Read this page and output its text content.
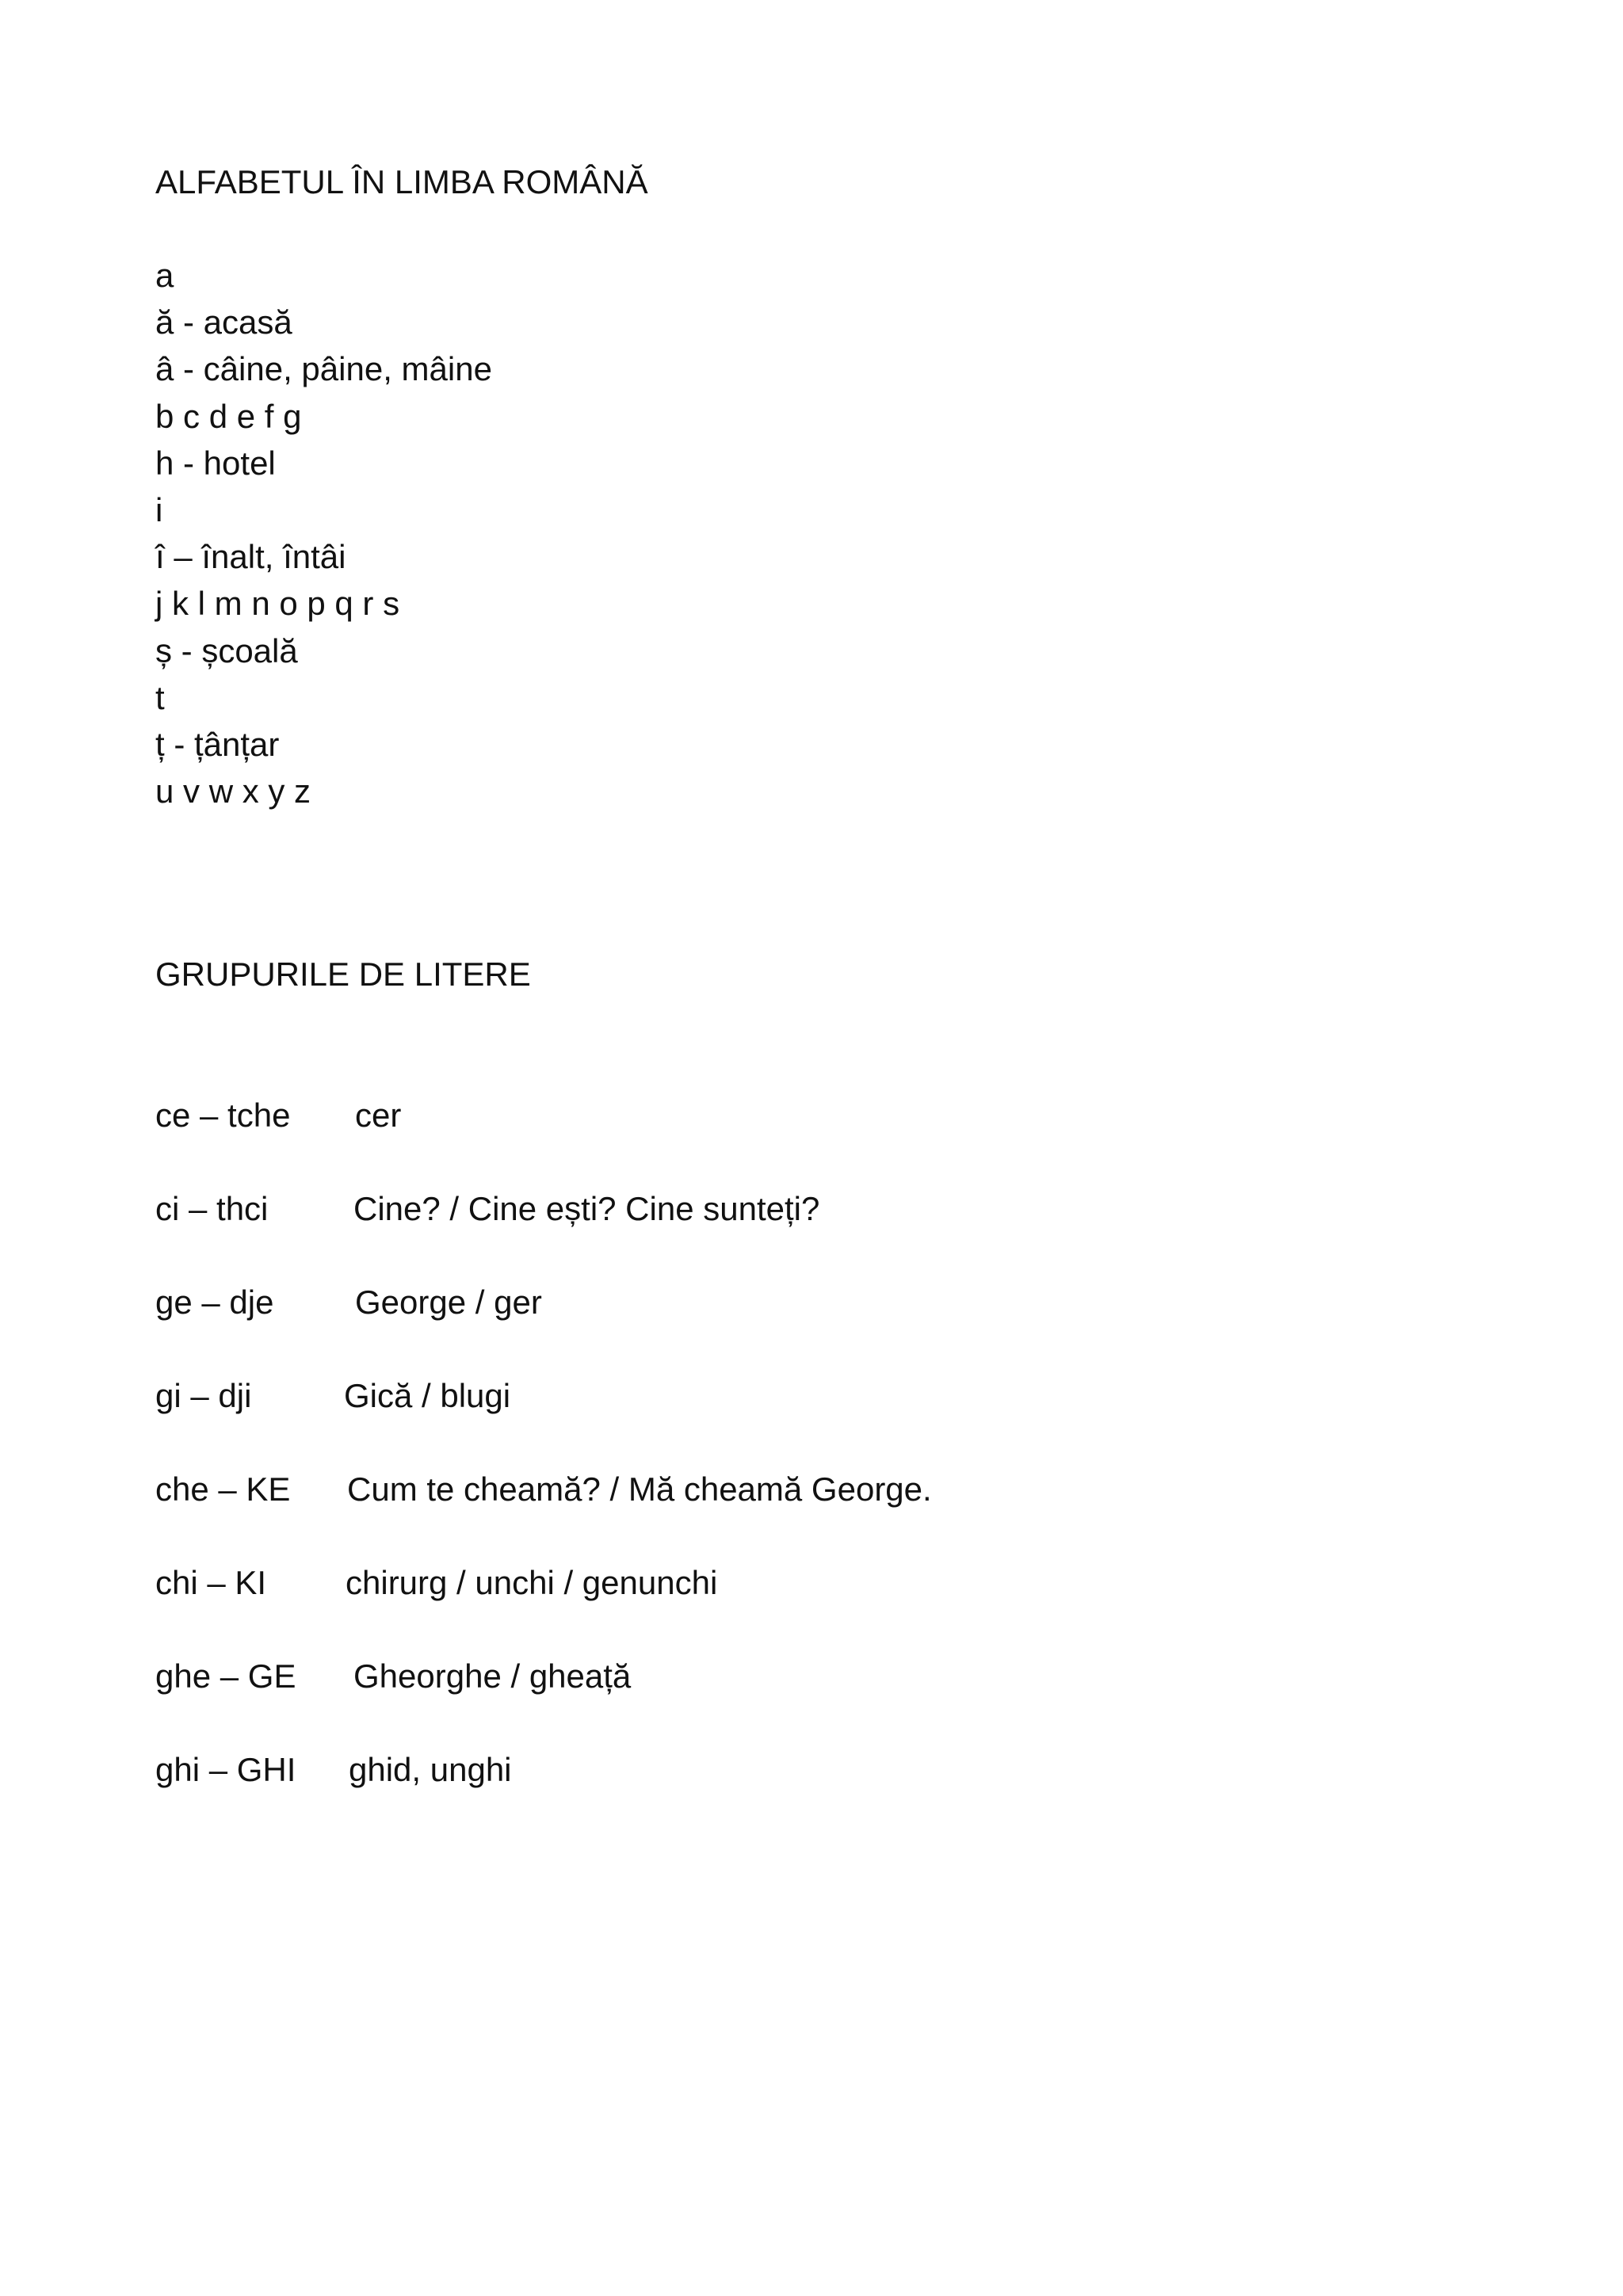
ALFABETUL ÎN LIMBA ROMÂNĂ
a
ă - acasă
â - câine, pâine, mâine
b c d e f g
h - hotel
i
î – înalt, întâi
j k l m n o p q r s
ș - școală
t
ț - țânțar
u v w x y z
GRUPURILE DE LITERE
ce – tche cer
ci – thci	Cine? / Cine ești? Cine sunteți?
ge – dje George / ger
gi – dji	Gică / blugi
che – KE Cum te cheamă? / Mă cheamă George.
chi – KI chirurg / unchi / genunchi
ghe – GE Gheorghe / gheață
ghi – GHI ghid, unghi
